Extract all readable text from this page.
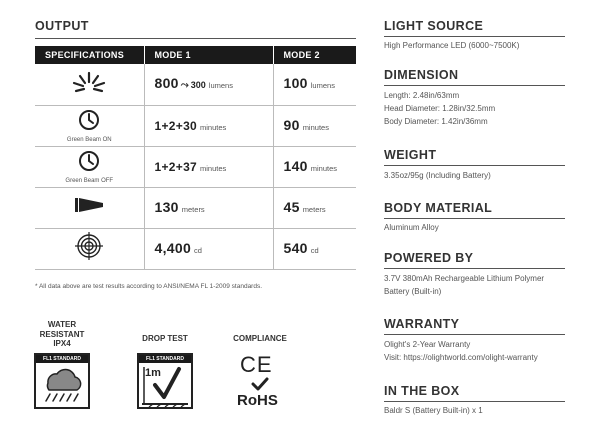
OUTPUT
SPECIFICATIONS	MODE 1	MODE 2
	800 ⤳ 300 lumens	100 lumens

Green Beam ON	1+2+30 minutes	90 minutes

Green Beam OFF	1+2+37 minutes	140 minutes
	130 meters	45 meters
	4,400 cd	540 cd
* All data above are test results according to ANSI/NEMA FL 1-2009 standards.
WATER
RESISTANT
IPX4
FL1 STANDARD
DROP TEST
FL1 STANDARD
1m
COMPLIANCE
CE
RoHS
LIGHT SOURCE
High Performance LED (6000~7500K)
DIMENSION
Length: 2.48in/63mm
Head Diameter: 1.28in/32.5mm
Body Diameter: 1.42in/36mm
WEIGHT
3.35oz/95g (Including Battery)
BODY MATERIAL
Aluminum Alloy
POWERED BY
3.7V 380mAh Rechargeable Lithium Polymer
Battery (Built-in)
WARRANTY
Olight's 2-Year Warranty
Visit: https://olightworld.com/olight-warranty
IN THE BOX
Baldr S (Battery Built-in) x 1
